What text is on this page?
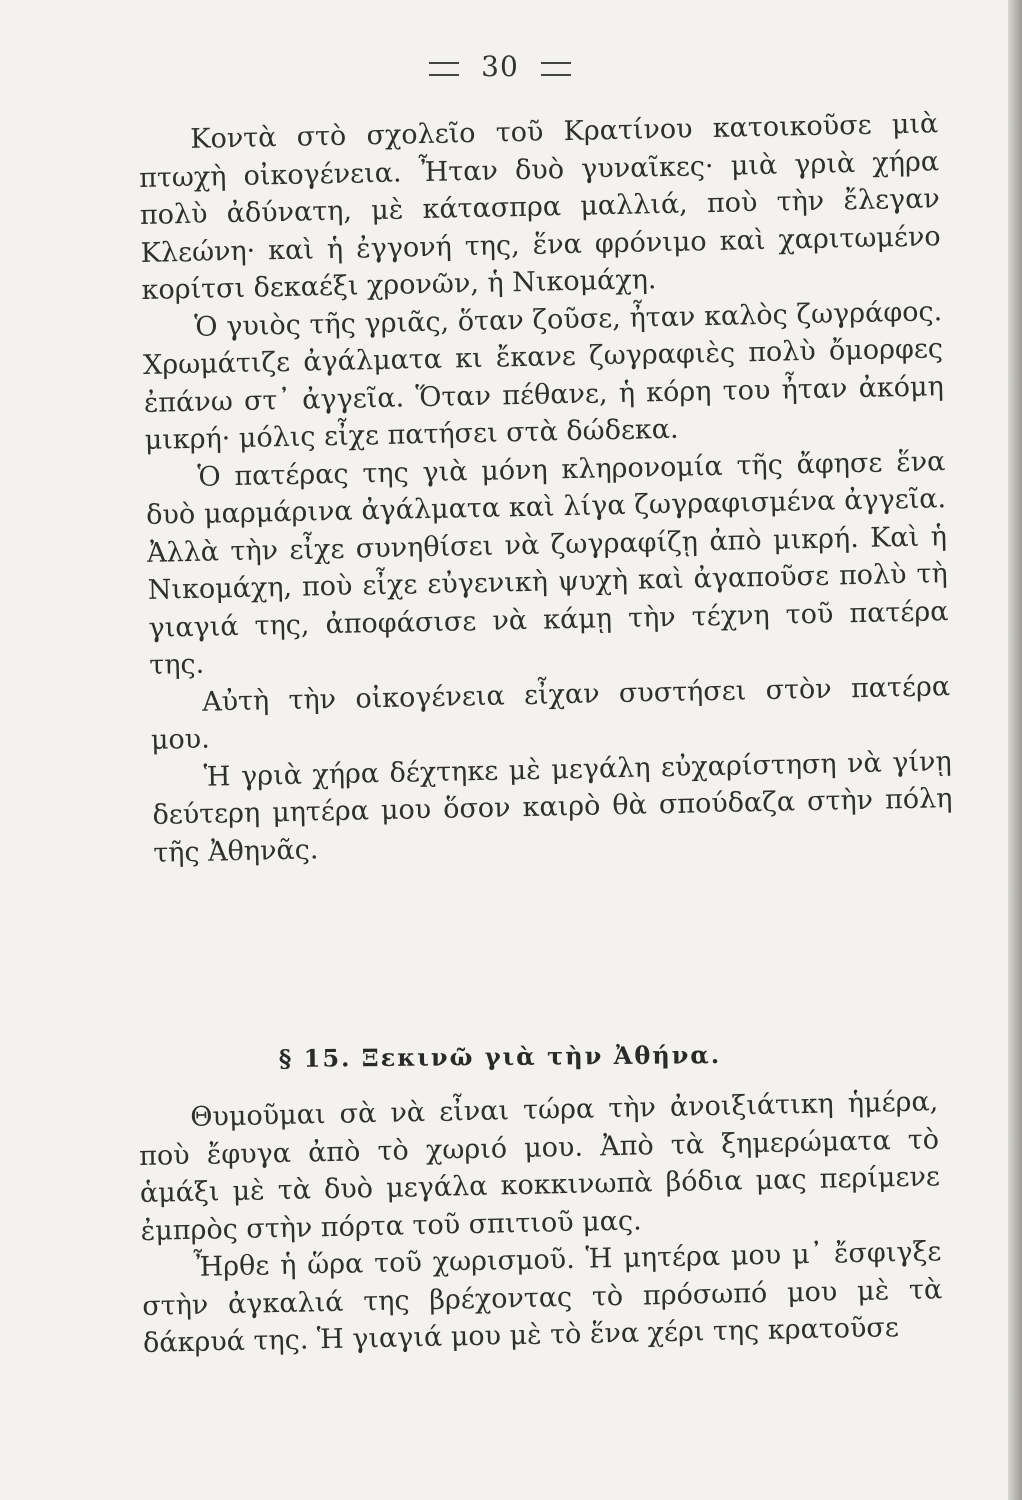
30

Κοντὰ στὸ σχολεῖο τοῦ Κρατίνου κατοικοῦσε μιὰ πτωχὴ οἰκογένεια. Ἦταν δυὸ γυναῖκες· μιὰ γριὰ χήρα πολὺ ἀδύνατη, μὲ κάτασπρα μαλλιά, ποὺ τὴν ἔλεγαν Κλεώνη· καὶ ἡ ἐγγονή της, ἕνα φρόνιμο καὶ χαριτωμένο κορίτσι δεκαέξι χρονῶν, ἡ Νικομάχη.

Ὁ γυιὸς τῆς γριᾶς, ὅταν ζοῦσε, ἦταν καλὸς ζωγράφος. Χρωμάτιζε ἀγάλματα κι ἔκανε ζωγραφιὲς πολὺ ὄμορφες ἐπάνω στ᾽ ἀγγεῖα. Ὅταν πέθανε, ἡ κόρη του ἦταν ἀκόμη μικρή· μόλις εἶχε πατήσει στὰ δώδεκα.

Ὁ πατέρας της γιὰ μόνη κληρονομία τῆς ἄφησε ἕνα δυὸ μαρμάρινα ἀγάλματα καὶ λίγα ζωγραφισμένα ἀγγεῖα. Ἀλλὰ τὴν εἶχε συνηθίσει νὰ ζωγραφίζῃ ἀπὸ μικρή. Καὶ ἡ Νικομάχη, ποὺ εἶχε εὐγενικὴ ψυχὴ καὶ ἀγαποῦσε πολὺ τὴ γιαγιά της, ἀποφάσισε νὰ κάμῃ τὴν τέχνη τοῦ πατέρα της.

Αὐτὴ τὴν οἰκογένεια εἶχαν συστήσει στὸν πατέρα μου.

Ἡ γριὰ χήρα δέχτηκε μὲ μεγάλη εὐχαρίστηση νὰ γίνῃ δεύτερη μητέρα μου ὅσον καιρὸ θὰ σπούδαζα στὴν πόλη τῆς Ἀθηνᾶς.

§ 15. Ξεκινῶ γιὰ τὴν Ἀθήνα.

Θυμοῦμαι σὰ νὰ εἶναι τώρα τὴν ἀνοιξιάτικη ἡμέρα, ποὺ ἔφυγα ἀπὸ τὸ χωριό μου. Ἀπὸ τὰ ξημερώματα τὸ ἁμάξι μὲ τὰ δυὸ μεγάλα κοκκινωπὰ βόδια μας περίμενε ἐμπρὸς στὴν πόρτα τοῦ σπιτιοῦ μας.

Ἦρθε ἡ ὥρα τοῦ χωρισμοῦ. Ἡ μητέρα μου μ᾽ ἔσφιγξε στὴν ἀγκαλιά της βρέχοντας τὸ πρόσωπό μου μὲ τὰ δάκρυά της. Ἡ γιαγιά μου μὲ τὸ ἕνα χέρι της κρατοῦσε
